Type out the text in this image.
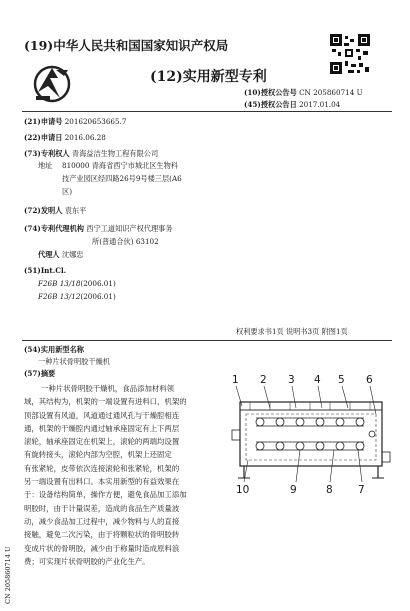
(19)中华人民共和国国家知识产权局
(12)实用新型专利
(10)授权公告号 CN 205860714 U
(45)授权公告日 2017.01.04
(21)申请号 201620653665.7
(22)申请日 2016.06.28
(73)专利权人 青海益洁生物工程有限公司
地址 810000 青海省西宁市城北区生物科
技产业园区经四路26号9号楼三层(A6
区)
(72)发明人 袁东平
(74)专利代理机构 西宁工道知识产权代理事务
所(普通合伙) 63102
代理人 沈娜忠
(51)Int.Cl.
F26B 13/18(2006.01)
F26B 13/12(2006.01)
权利要求书1页 说明书3页 附图1页
(54)实用新型名称
一种片状骨明胶干燥机
(57)摘要
一种片状骨明胶干燥机，食品添加材料领
域，其结构为，机架的一端设置有进料口，机架的
顶部设置有风道，风道通过通风孔与干燥腔相连
通，机架的干燥腔内通过轴承座固定有上下两层
滚轮，轴承座固定在机架上，滚轮的两端均设置
有旋转接头，滚轮内部为空腔，机架上还固定
有张紧轮，皮带依次连接滚轮和张紧轮，机架的
另一端设置有出料口。本实用新型的有益效果在
于：设备结构简单，操作方便，避免食品加工添加
明胶时，由于计量误差，造成的食品生产质量波
动，减少食品加工过程中，减少物料与人的直接
接触，避免二次污染，由于将颗粒状的骨明胶转
变成片状的骨明胶，减少由于称量时造成原料浪
费；可实现片状骨明胶的产业化生产。
1 2 3 4 5 6
10	9	8 7
CN 205860714 U
